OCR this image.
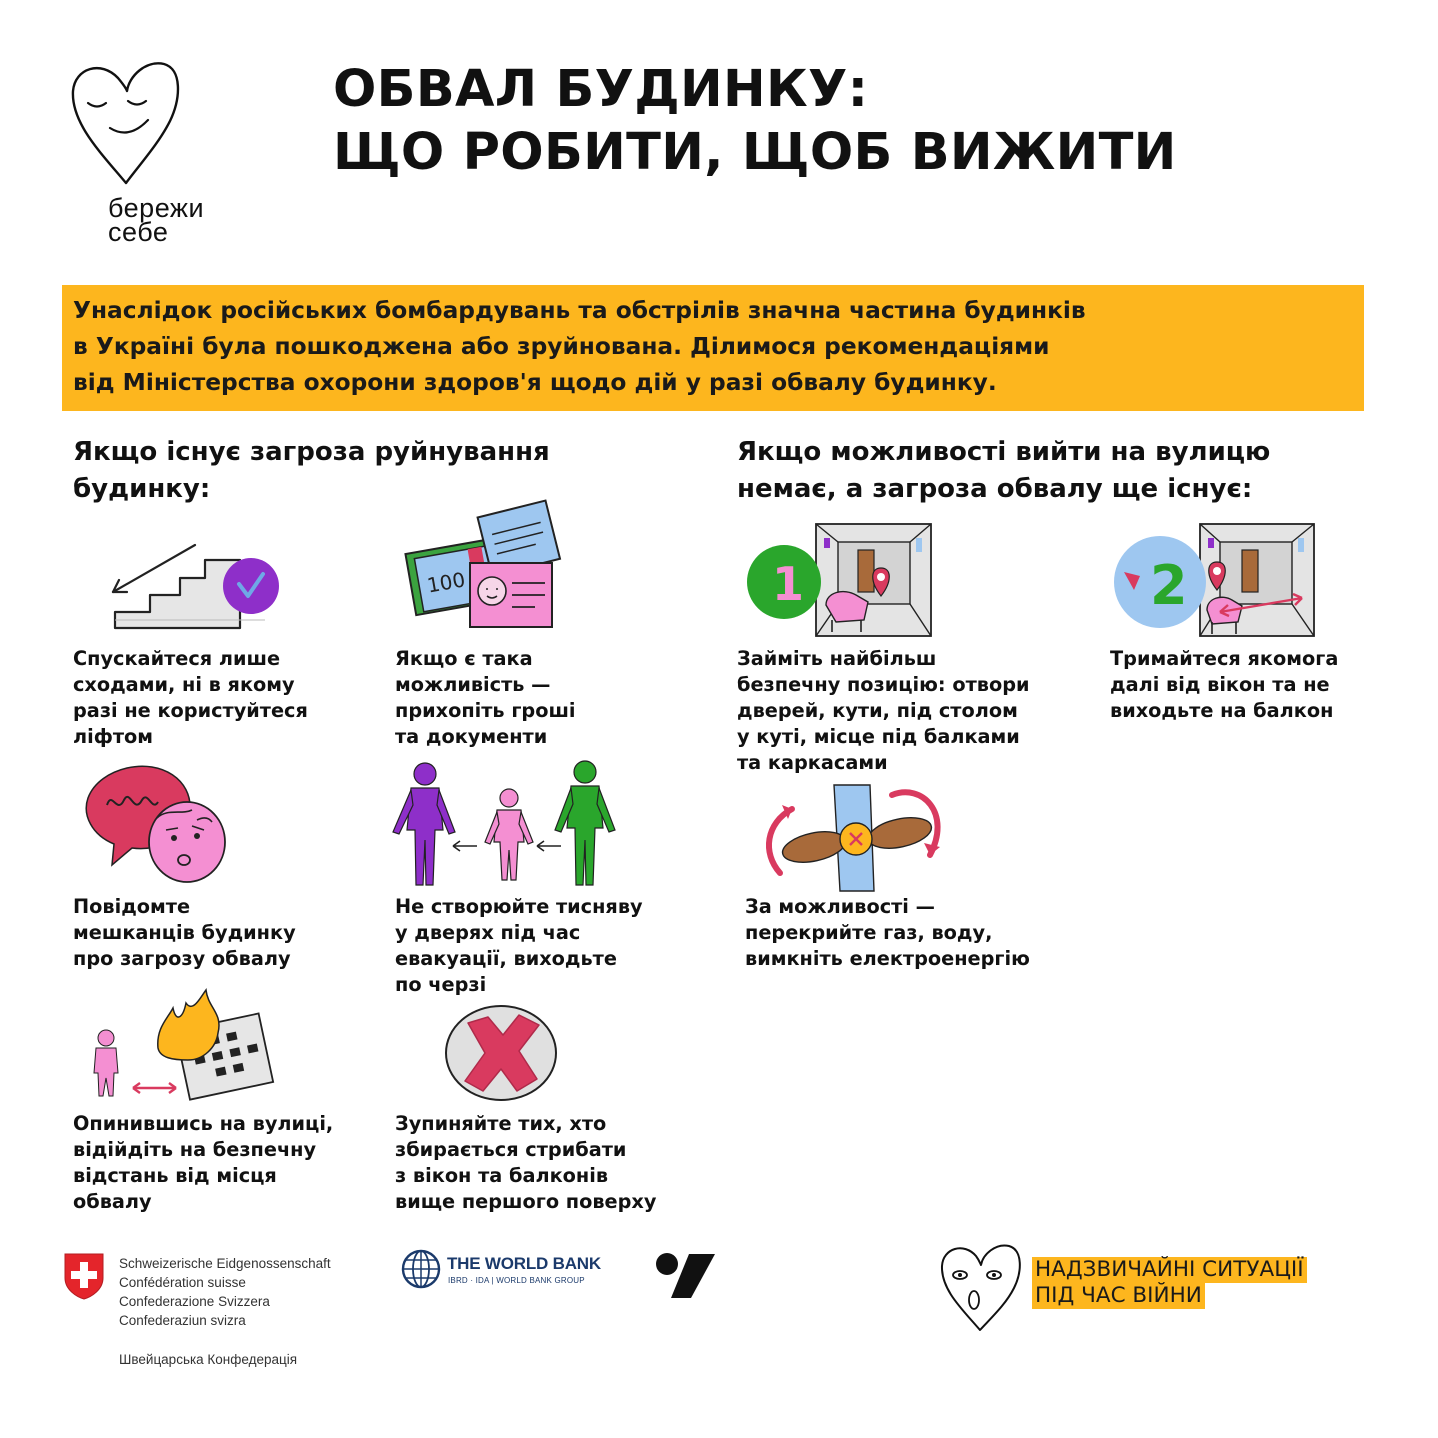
бережи
себе
ОБВАЛ БУДИНКУ:
ЩО РОБИТИ, ЩОБ ВИЖИТИ
Унаслідок російських бомбардувань та обстрілів значна частина будинків
в Україні була пошкоджена або зруйнована. Ділимося рекомендаціями
від Міністерства охорони здоров'я щодо дій у разі обвалу будинку.
Якщо існує загроза руйнування
будинку:
Якщо можливості вийти на вулицю
немає, а загроза обвалу ще існує:
Спускайтеся лише
сходами, ні в якому
разі не користуйтеся
ліфтом
100
Якщо є така
можливість —
прихопіть гроші
та документи
Повідомте
мешканців будинку
про загрозу обвалу
Не створюйте тисняву
у дверях під час
евакуації, виходьте
по черзі
Опинившись на вулиці,
відійдіть на безпечну
відстань від місця
обвалу
Зупиняйте тих, хто
збирається стрибати
з вікон та балконів
вище першого поверху
1
Займіть найбільш
безпечну позицію: отвори
дверей, кути, під столом
у куті, місце під балками
та каркасами
2
Тримайтеся якомога
далі від вікон та не
виходьте на балкон
За можливості —
перекрийте газ, воду,
вимкніть електроенергію
Schweizerische Eidgenossenschaft
Confédération suisse
Confederazione Svizzera
Confederaziun svizra
Швейцарська Конфедерація
THE WORLD BANK
IBRD · IDA | WORLD BANK GROUP	НАДЗВИЧАЙНІ СИТУАЦІЇ
ПІД ЧАС ВІЙНИ
